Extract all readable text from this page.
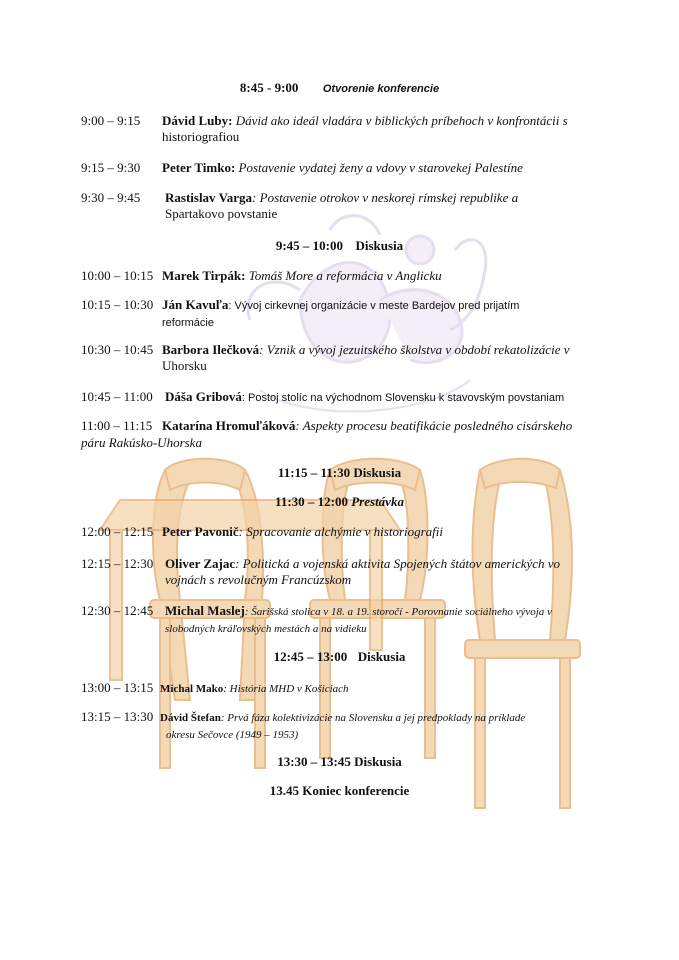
8:45 - 9:00 Otvorenie konferencie
9:00 – 9:15 Dávid Luby: Dávid ako ideál vladára v biblických príbehoch v konfrontácii s
historiografiou
9:15 – 9:30 Peter Timko: Postavenie vydatej ženy a vdovy v starovekej Palestíne
9:30 – 9:45 Rastislav Varga: Postavenie otrokov v neskorej rímskej republike a
Spartakovo povstanie
9:45 – 10:00 Diskusia
10:00 – 10:15 Marek Tirpák: Tomáš More a reformácia v Anglicku
10:15 – 10:30 Ján Kavuľa: Vývoj cirkevnej organizácie v meste Bardejov pred prijatím
reformácie
10:30 – 10:45 Barbora Ilečková: Vznik a vývoj jezuitského školstva v období rekatolizácie v
Uhorsku
10:45 – 11:00 Dáša Gribová: Postoj stolíc na východnom Slovensku k stavovským povstaniam
11:00 – 11:15 Katarína Hromuľáková: Aspekty procesu beatifikácie posledného cisárskeho
páru Rakúsko-Uhorska
11:15 – 11:30 Diskusia
11:30 – 12:00 Prestávka
12:00 – 12:15 Peter Pavonič: Spracovanie alchýmie v historiografii
12:15 – 12:30 Oliver Zajac: Politická a vojenská aktivita Spojených štátov amerických vo
vojnách s revolučným Francúzskom
12:30 – 12:45 Michal Maslej: Šarišská stolica v 18. a 19. storočí - Porovnanie sociálneho vývoja v
slobodných kráľovských mestách a na vidieku
12:45 – 13:00 Diskusia
13:00 – 13:15 Michal Mako: História MHD v Košiciach
13:15 – 13:30 Dávid Štefan: Prvá fáza kolektivizácie na Slovensku a jej predpoklady na príklade
okresu Sečovce (1949 – 1953)
13:30 – 13:45 Diskusia
13.45 Koniec konferencie
